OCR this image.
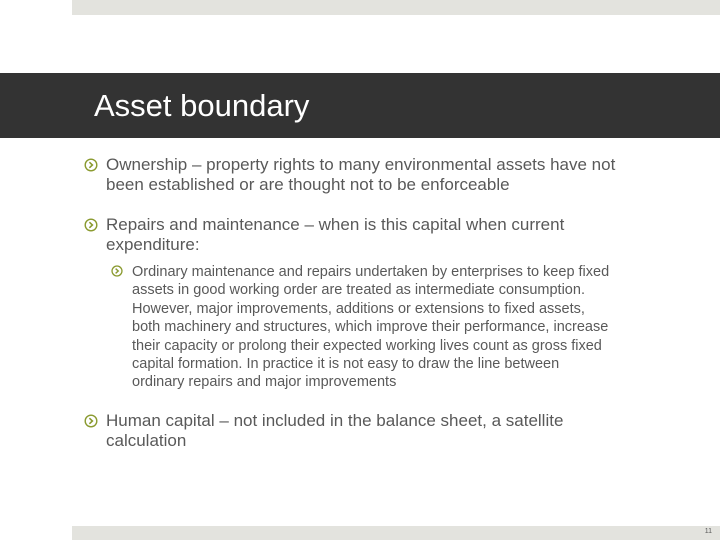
Asset boundary
Ownership – property rights to many environmental assets have not
been established or are thought not to be enforceable
Repairs and maintenance – when is this capital when current
expenditure:
Ordinary maintenance and repairs undertaken by enterprises to keep fixed
assets in good working order are treated as intermediate consumption.
However, major improvements, additions or extensions to fixed assets,
both machinery and structures, which improve their performance, increase
their capacity or prolong their expected working lives count as gross fixed
capital formation. In practice it is not easy to draw the line between
ordinary repairs and major improvements
Human capital – not included in the balance sheet, a satellite
calculation
11
